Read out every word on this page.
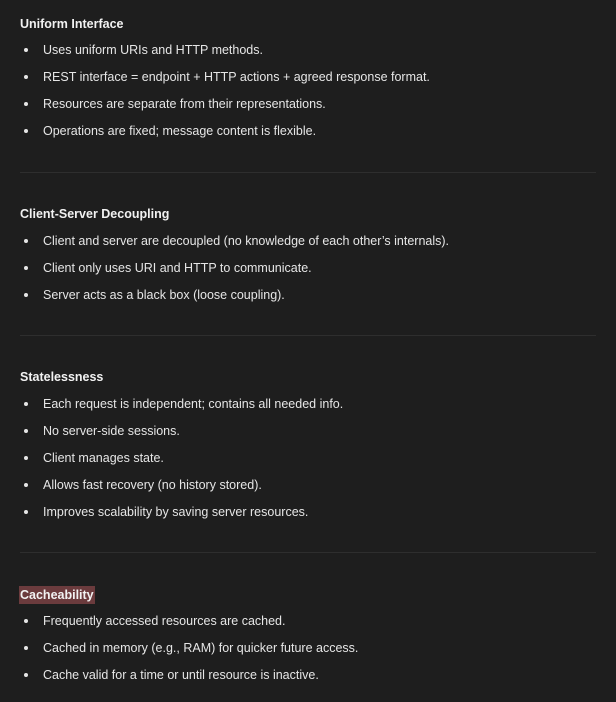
Uniform Interface
Uses uniform URIs and HTTP methods.
REST interface = endpoint + HTTP actions + agreed response format.
Resources are separate from their representations.
Operations are fixed; message content is flexible.
Client-Server Decoupling
Client and server are decoupled (no knowledge of each other’s internals).
Client only uses URI and HTTP to communicate.
Server acts as a black box (loose coupling).
Statelessness
Each request is independent; contains all needed info.
No server-side sessions.
Client manages state.
Allows fast recovery (no history stored).
Improves scalability by saving server resources.
Cacheability
Frequently accessed resources are cached.
Cached in memory (e.g., RAM) for quicker future access.
Cache valid for a time or until resource is inactive.
